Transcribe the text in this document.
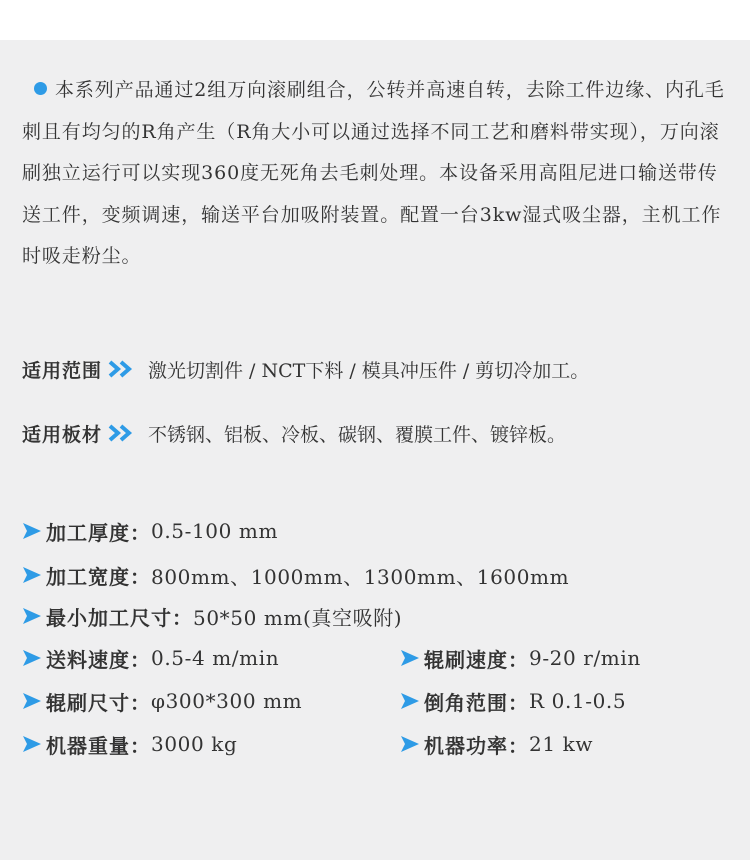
本系列产品通过2组万向滚刷组合，公转并高速自转，去除工件边缘、内孔毛刺且有均匀的R角产生（R角大小可以通过选择不同工艺和磨料带实现），万向滚刷独立运行可以实现360度无死角去毛刺处理。本设备采用高阻尼进口输送带传送工件，变频调速，输送平台加吸附装置。配置一台3kw湿式吸尘器，主机工作时吸走粉尘。
适用范围 激光切割件 / NCT下料 / 模具冲压件 / 剪切冷加工。
适用板材 不锈钢、铝板、冷板、碳钢、覆膜工件、镀锌板。
加工厚度： 0.5-100 mm
加工宽度： 800mm、1000mm、1300mm、1600mm
最小加工尺寸： 50*50 mm(真空吸附)
送料速度： 0.5-4 m/min	辊刷速度： 9-20 r/min
辊刷尺寸： φ300*300 mm	倒角范围： R 0.1-0.5
机器重量： 3000 kg	机器功率： 21 kw
